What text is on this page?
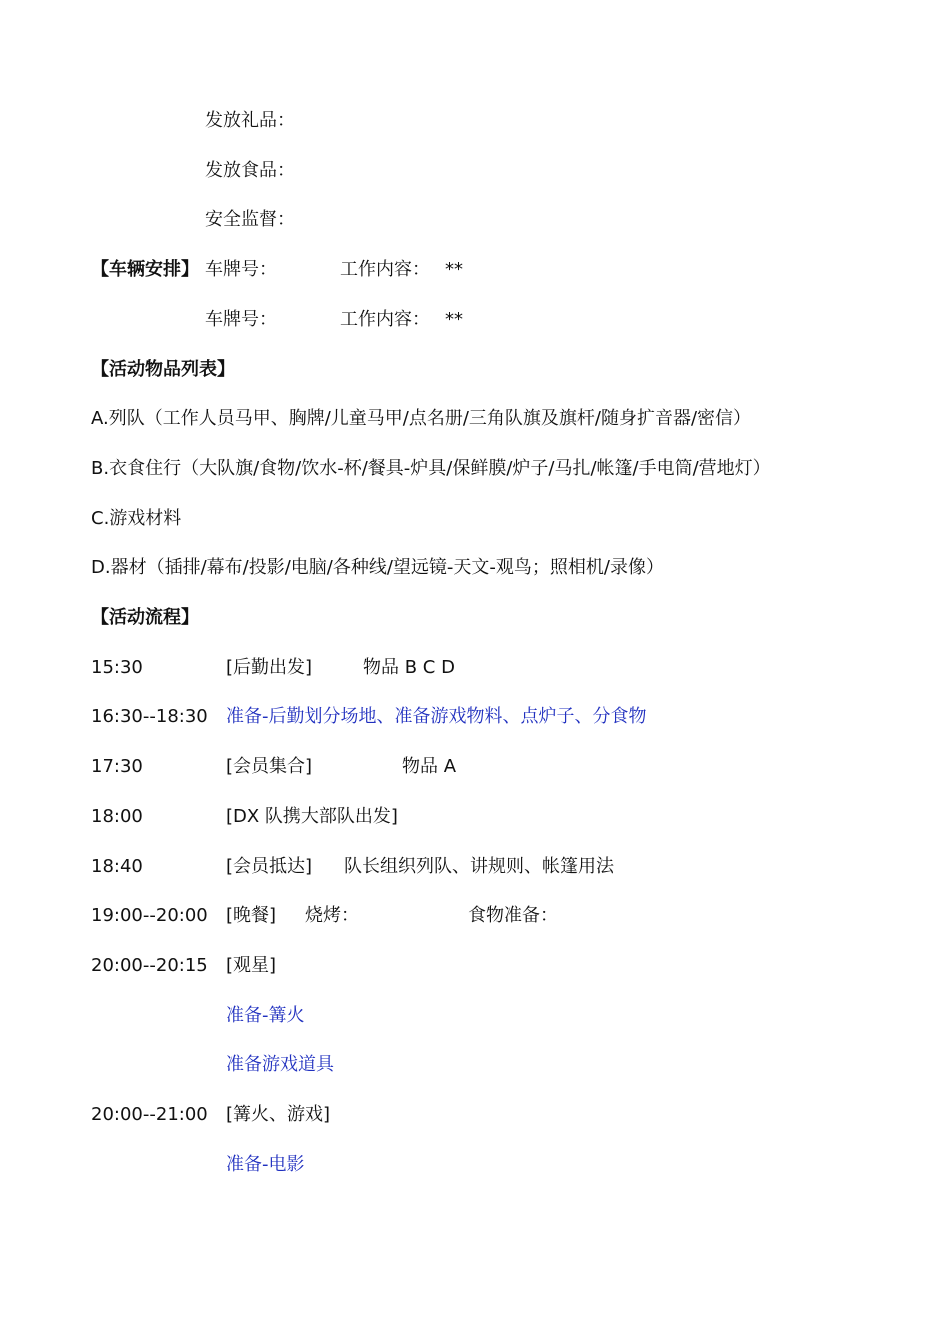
发放礼品：
发放食品：
安全监督：
【车辆安排】 车牌号：	工作内容： **
车牌号：	工作内容： **
【活动物品列表】
A.列队（工作人员马甲、胸牌/儿童马甲/点名册/三角队旗及旗杆/随身扩音器/密信）
B.衣食住行（大队旗/食物/饮水-杯/餐具-炉具/保鲜膜/炉子/马扎/帐篷/手电筒/营地灯）
C.游戏材料
D.器材（插排/幕布/投影/电脑/各种线/望远镜-天文-观鸟；照相机/录像）
【活动流程】
15:30	[后勤出发]	物品 B C D
16:30--18:30 准备-后勤划分场地、准备游戏物料、点炉子、分食物
17:30	[会员集合]	物品 A
18:00	[DX 队携大部队出发]
18:40	[会员抵达] 队长组织列队、讲规则、帐篷用法
19:00--20:00 [晚餐] 烧烤：	食物准备：
20:00--20:15 [观星]
准备-篝火
准备游戏道具
20:00--21:00 [篝火、游戏]
准备-电影
